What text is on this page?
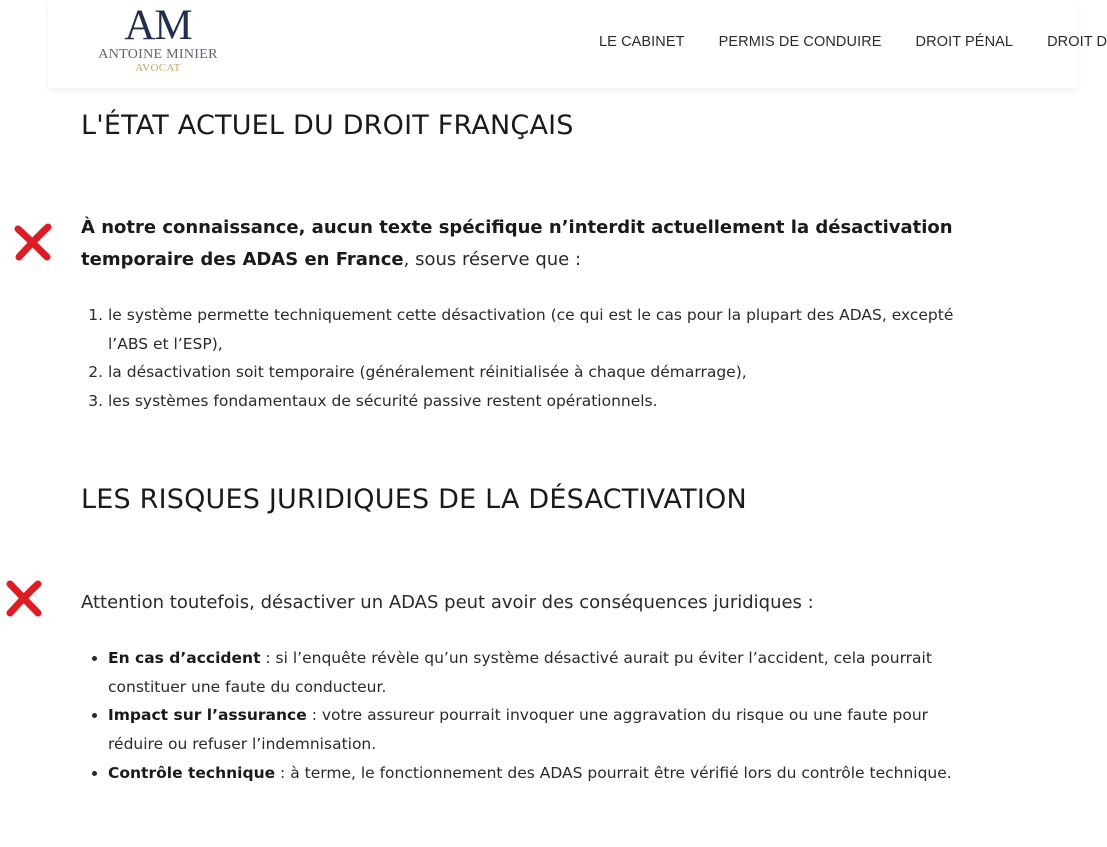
AM
ANTOINE MINIER
AVOCAT
LE CABINET PERMIS DE CONDUIRE DROIT PÉNAL DROIT D
L'ÉTAT ACTUEL DU DROIT FRANÇAIS

À notre connaissance, aucun texte spécifique n’interdit actuellement la désactivation temporaire des ADAS en France, sous réserve que :

1. le système permette techniquement cette désactivation (ce qui est le cas pour la plupart des ADAS, excepté l’ABS et l’ESP),
2. la désactivation soit temporaire (généralement réinitialisée à chaque démarrage),
3. les systèmes fondamentaux de sécurité passive restent opérationnels.
LES RISQUES JURIDIQUES DE LA DÉSACTIVATION

Attention toutefois, désactiver un ADAS peut avoir des conséquences juridiques :

• En cas d’accident : si l’enquête révèle qu’un système désactivé aurait pu éviter l’accident, cela pourrait constituer une faute du conducteur.
• Impact sur l’assurance : votre assureur pourrait invoquer une aggravation du risque ou une faute pour réduire ou refuser l’indemnisation.
• Contrôle technique : à terme, le fonctionnement des ADAS pourrait être vérifié lors du contrôle technique.
